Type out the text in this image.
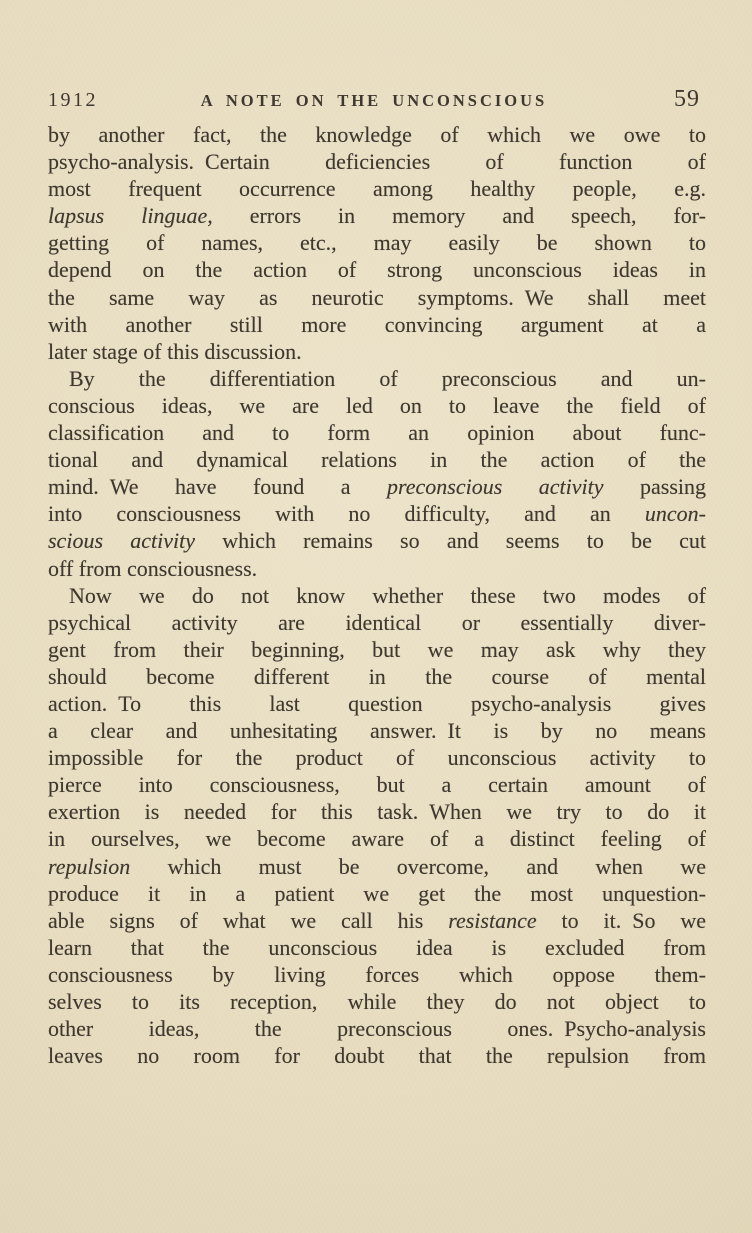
1912	A NOTE ON THE UNCONSCIOUS	59
by another fact, the knowledge of which we owe to
psycho-analysis. Certain deficiencies of function of
most frequent occurrence among healthy people, e.g.
lapsus linguae, errors in memory and speech, for-
getting of names, etc., may easily be shown to
depend on the action of strong unconscious ideas in
the same way as neurotic symptoms. We shall meet
with another still more convincing argument at a
later stage of this discussion.
By the differentiation of preconscious and un-
conscious ideas, we are led on to leave the field of
classification and to form an opinion about func-
tional and dynamical relations in the action of the
mind. We have found a preconscious activity passing
into consciousness with no difficulty, and an uncon-
scious activity which remains so and seems to be cut
off from consciousness.
Now we do not know whether these two modes of
psychical activity are identical or essentially diver-
gent from their beginning, but we may ask why they
should become different in the course of mental
action. To this last question psycho-analysis gives
a clear and unhesitating answer. It is by no means
impossible for the product of unconscious activity to
pierce into consciousness, but a certain amount of
exertion is needed for this task. When we try to do it
in ourselves, we become aware of a distinct feeling of
repulsion which must be overcome, and when we
produce it in a patient we get the most unquestion-
able signs of what we call his resistance to it. So we
learn that the unconscious idea is excluded from
consciousness by living forces which oppose them-
selves to its reception, while they do not object to
other ideas, the preconscious ones. Psycho-analysis
leaves no room for doubt that the repulsion from
